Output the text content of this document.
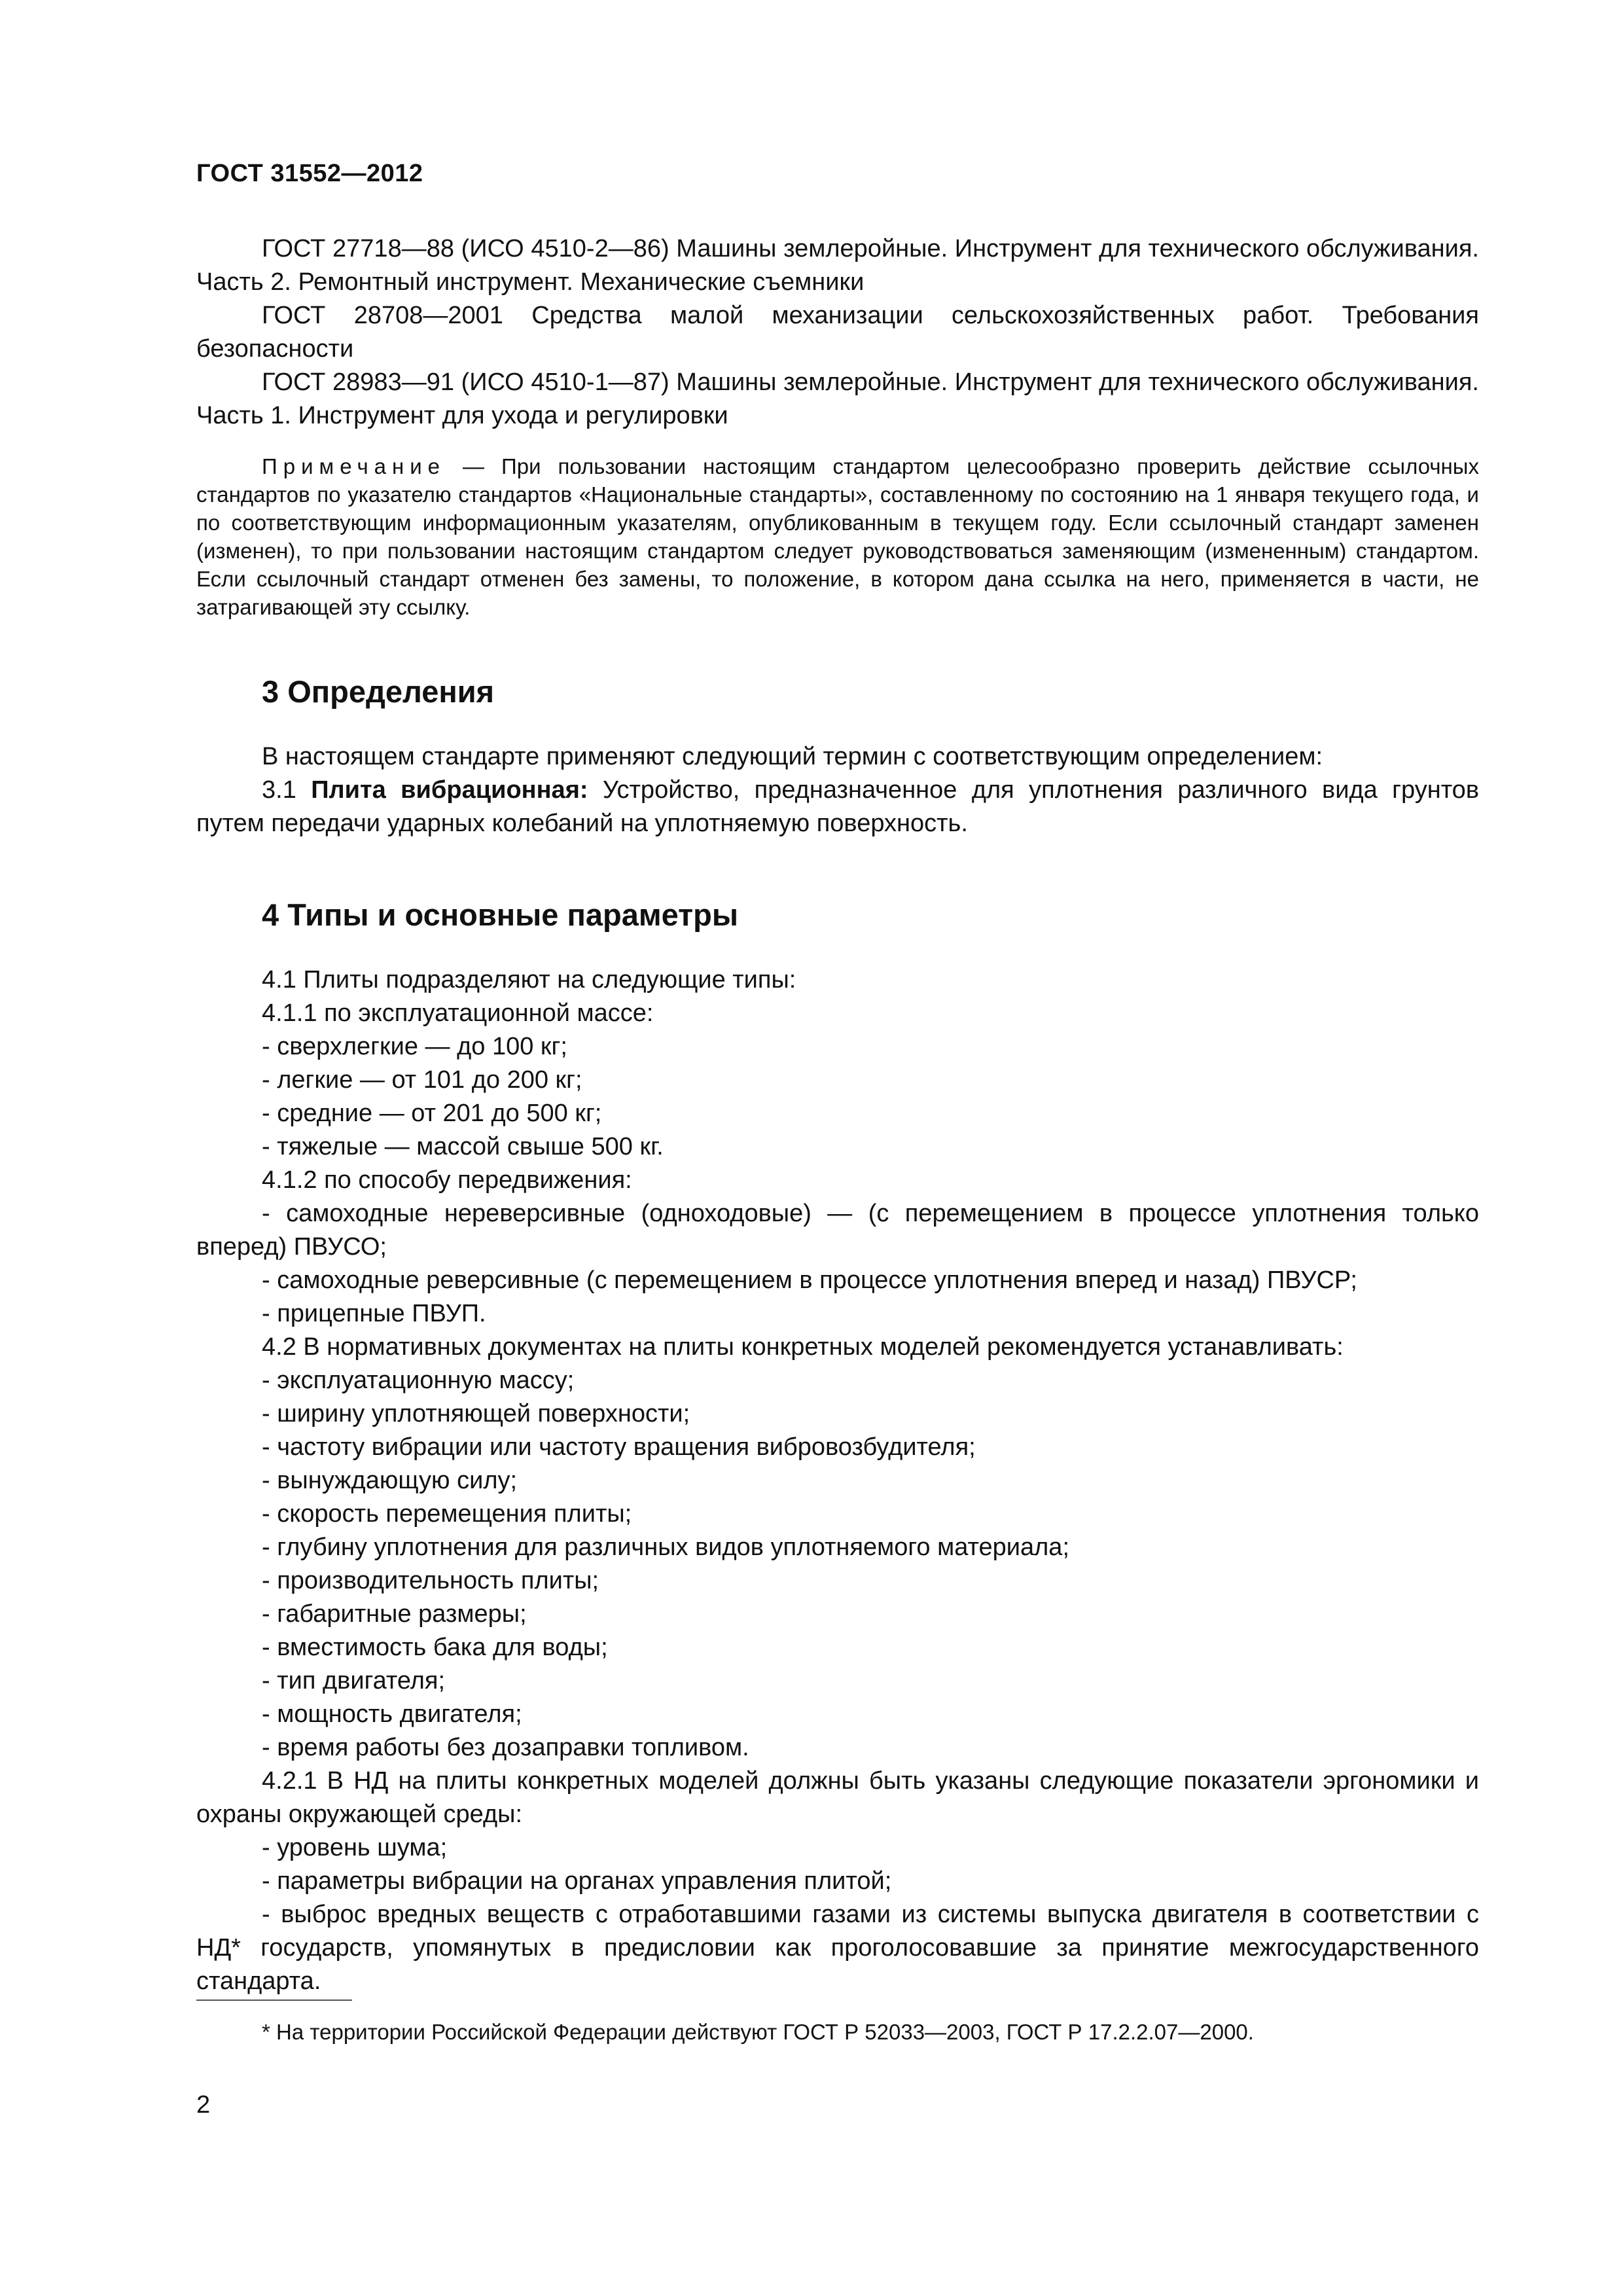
ГОСТ 31552—2012

ГОСТ 27718—88 (ИСО 4510-2—86) Машины землеройные. Инструмент для технического обслуживания. Часть 2. Ремонтный инструмент. Механические съемники

ГОСТ 28708—2001 Средства малой механизации сельскохозяйственных работ. Требования безопасности

ГОСТ 28983—91 (ИСО 4510-1—87) Машины землеройные. Инструмент для технического обслуживания. Часть 1. Инструмент для ухода и регулировки

Примечание — При пользовании настоящим стандартом целесообразно проверить действие ссылочных стандартов по указателю стандартов «Национальные стандарты», составленному по состоянию на 1 января текущего года, и по соответствующим информационным указателям, опубликованным в текущем году. Если ссылочный стандарт заменен (изменен), то при пользовании настоящим стандартом следует руководствоваться заменяющим (измененным) стандартом. Если ссылочный стандарт отменен без замены, то положение, в котором дана ссылка на него, применяется в части, не затрагивающей эту ссылку.

3 Определения

В настоящем стандарте применяют следующий термин с соответствующим определением:

3.1 Плита вибрационная: Устройство, предназначенное для уплотнения различного вида грунтов путем передачи ударных колебаний на уплотняемую поверхность.

4 Типы и основные параметры

4.1 Плиты подразделяют на следующие типы:

4.1.1 по эксплуатационной массе:

- сверхлегкие — до 100 кг;

- легкие — от 101 до 200 кг;

- средние — от 201 до 500 кг;

- тяжелые — массой свыше 500 кг.

4.1.2 по способу передвижения:

- самоходные нереверсивные (одноходовые) — (с перемещением в процессе уплотнения только вперед) ПВУСО;

- самоходные реверсивные (с перемещением в процессе уплотнения вперед и назад) ПВУСР;

- прицепные ПВУП.

4.2 В нормативных документах на плиты конкретных моделей рекомендуется устанавливать:

- эксплуатационную массу;

- ширину уплотняющей поверхности;

- частоту вибрации или частоту вращения вибровозбудителя;

- вынуждающую силу;

- скорость перемещения плиты;

- глубину уплотнения для различных видов уплотняемого материала;

- производительность плиты;

- габаритные размеры;

- вместимость бака для воды;

- тип двигателя;

- мощность двигателя;

- время работы без дозаправки топливом.

4.2.1 В НД на плиты конкретных моделей должны быть указаны следующие показатели эргономики и охраны окружающей среды:

- уровень шума;

- параметры вибрации на органах управления плитой;

- выброс вредных веществ с отработавшими газами из системы выпуска двигателя в соответствии с НД* государств, упомянутых в предисловии как проголосовавшие за принятие межгосударственного стандарта.

* На территории Российской Федерации действуют ГОСТ Р 52033—2003, ГОСТ Р 17.2.2.07—2000.

2
